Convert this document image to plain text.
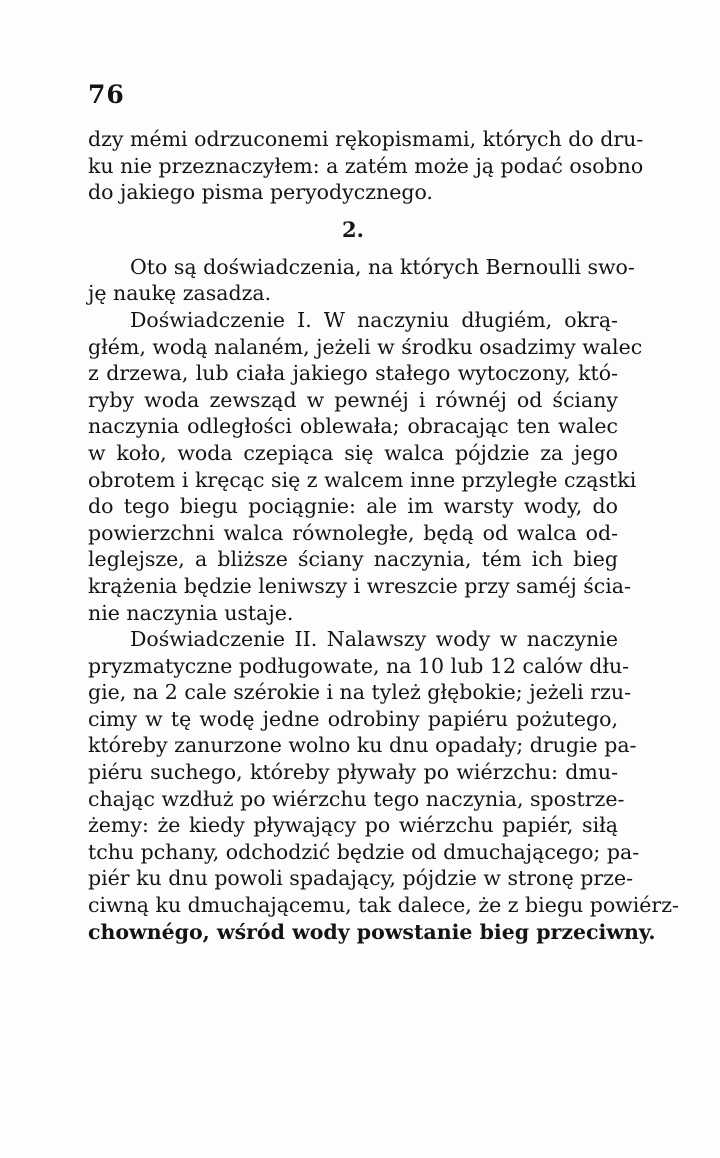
76
dzy mémi odrzuconemi rękopismami, których do dru-
ku nie przeznaczyłem: a zatém może ją podać osobno
do jakiego pisma peryodycznego.
2.
Oto są doświadczenia, na których Bernoulli swo-
ję naukę zasadza.
Doświadczenie I. W naczyniu długiém, okrą-
głém, wodą nalaném, jeżeli w środku osadzimy walec
z drzewa, lub ciała jakiego stałego wytoczony, któ-
ryby woda zewsząd w pewnéj i równéj od ściany
naczynia odległości oblewała; obracając ten walec
w koło, woda czepiąca się walca pójdzie za jego
obrotem i kręcąc się z walcem inne przyległe cząstki
do tego biegu pociągnie: ale im warsty wody, do
powierzchni walca równoległe, będą od walca od-
leglejsze, a bliższe ściany naczynia, tém ich bieg
krążenia będzie leniwszy i wreszcie przy saméj ścia-
nie naczynia ustaje.
Doświadczenie II. Nalawszy wody w naczynie
pryzmatyczne podługowate, na 10 lub 12 calów dłu-
gie, na 2 cale szérokie i na tyleż głębokie; jeżeli rzu-
cimy w tę wodę jedne odrobiny papiéru pożutego,
któreby zanurzone wolno ku dnu opadały; drugie pa-
piéru suchego, któreby pływały po wiérzchu: dmu-
chając wzdłuż po wiérzchu tego naczynia, spostrze-
żemy: że kiedy pływający po wiérzchu papiér, siłą
tchu pchany, odchodzić będzie od dmuchającego; pa-
piér ku dnu powoli spadający, pójdzie w stronę prze-
ciwną ku dmuchającemu, tak dalece, że z biegu powiérz-
chownégo, wśród wody powstanie bieg przeciwny.
